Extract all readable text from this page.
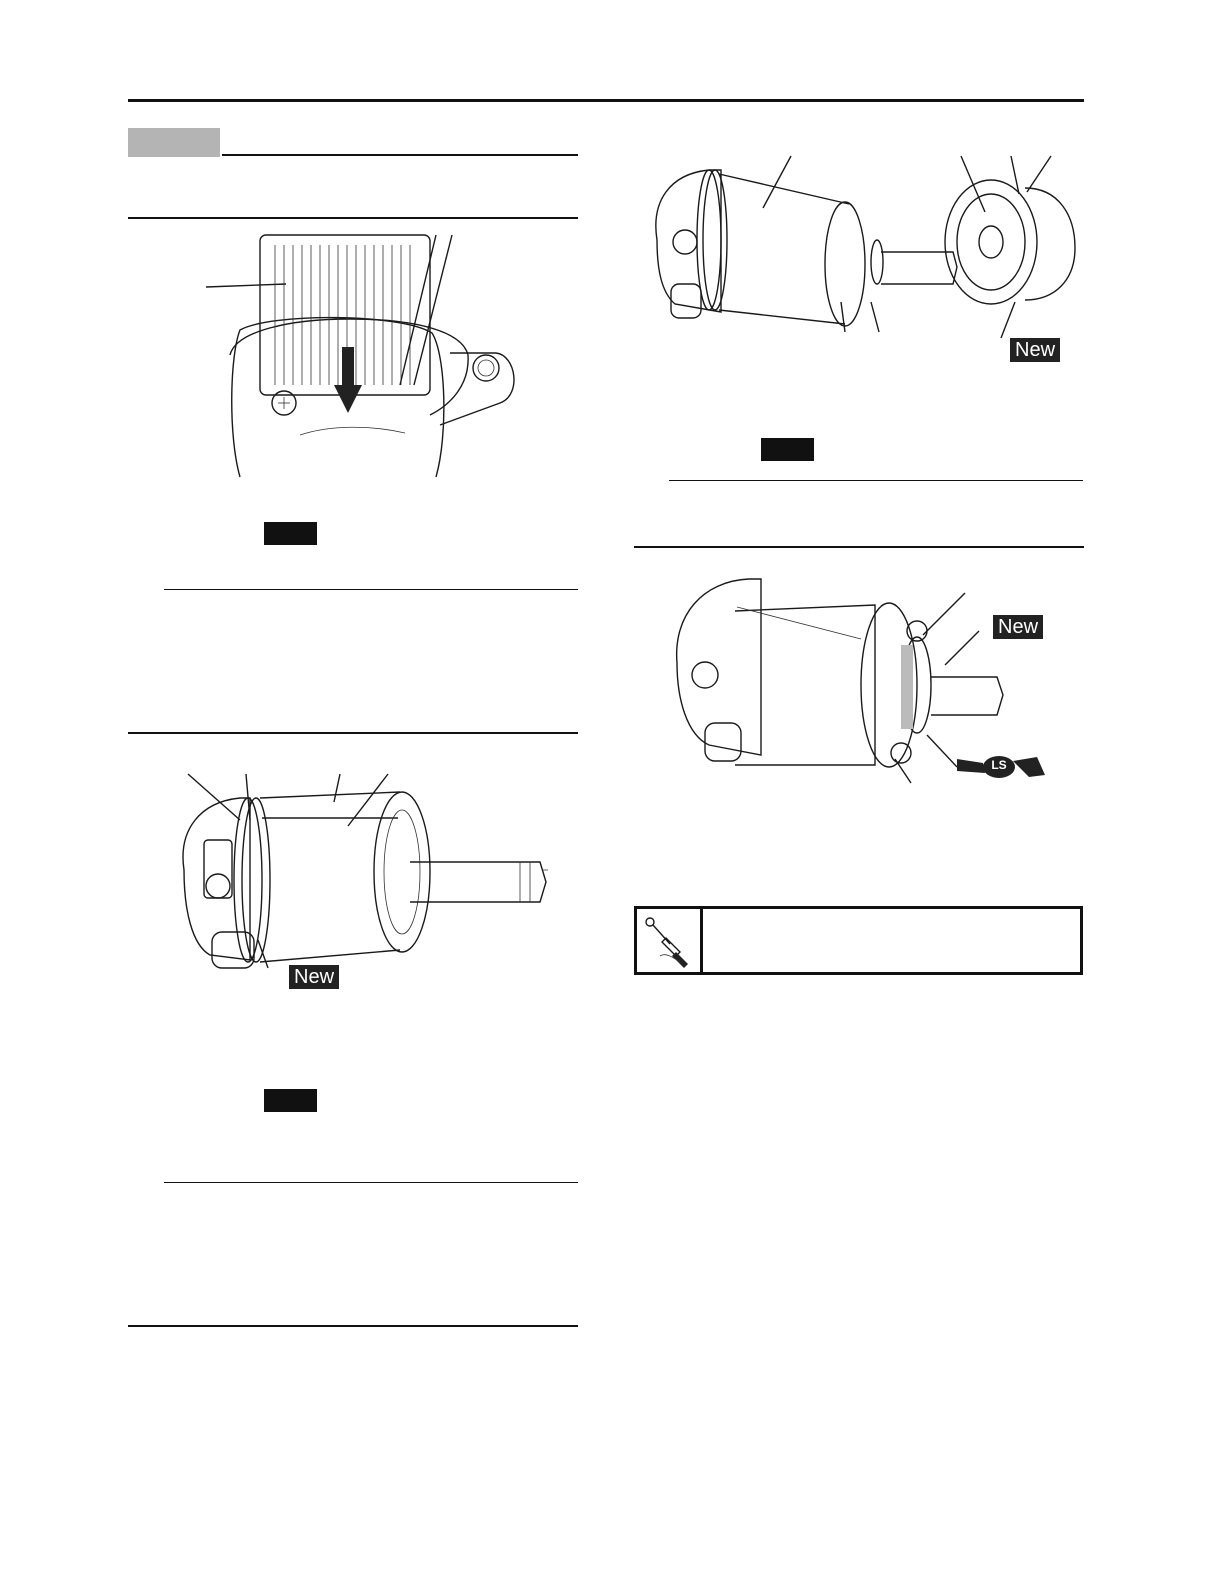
New
New
LS
New
